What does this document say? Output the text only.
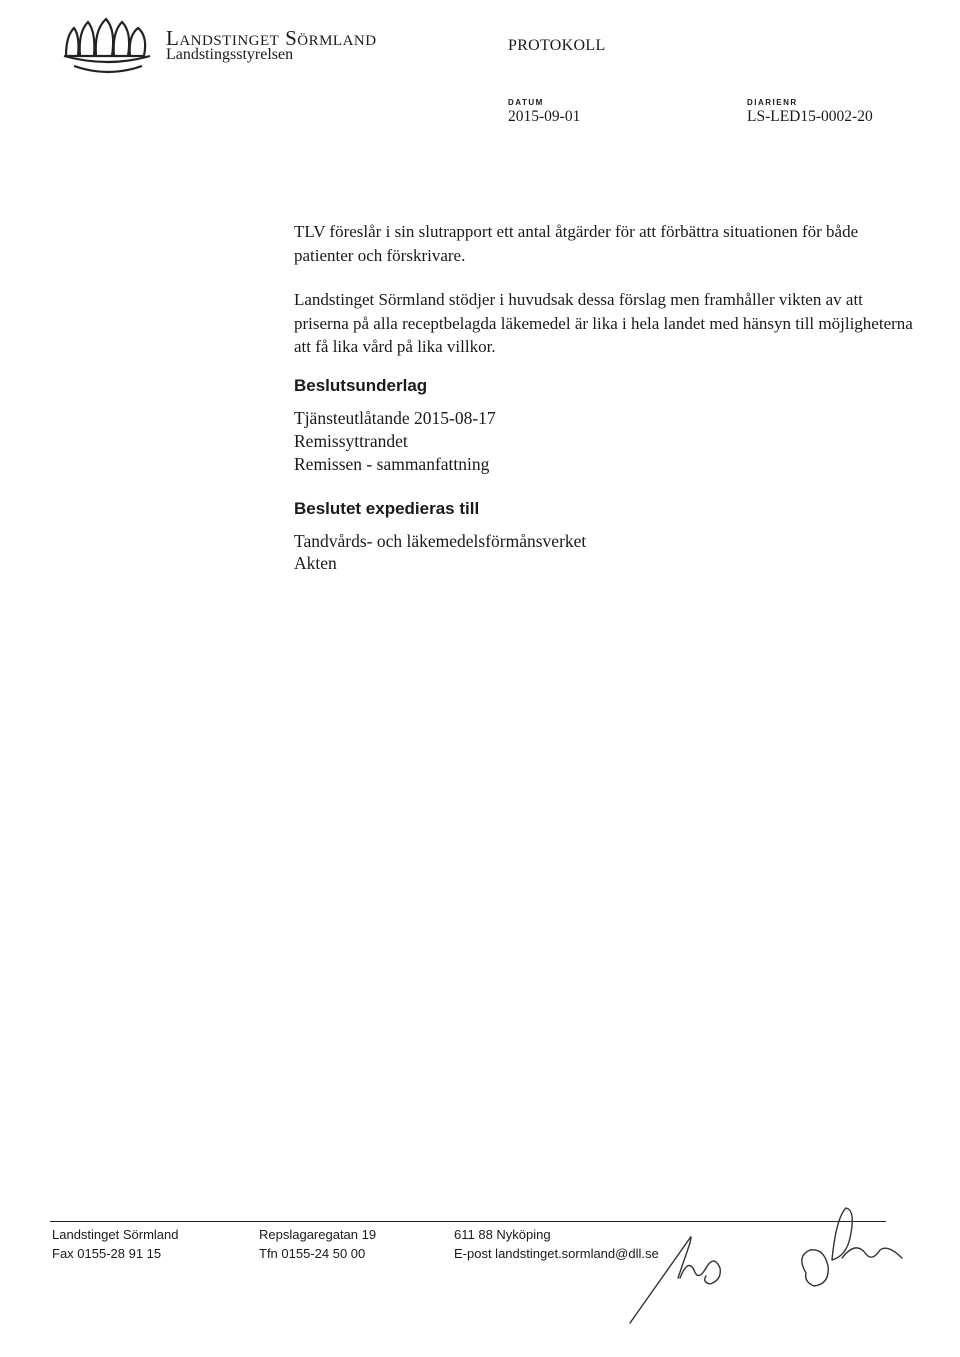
Landstinget Sörmland
Landstingsstyrelsen
PROTOKOLL
DATUM
2015-09-01
DIARIENR
LS-LED15-0002-20
TLV föreslår i sin slutrapport ett antal åtgärder för att förbättra situationen för både patienter och förskrivare.
Landstinget Sörmland stödjer i huvudsak dessa förslag men framhåller vikten av att priserna på alla receptbelagda läkemedel är lika i hela landet med hänsyn till möjligheterna att få lika vård på lika villkor.
Beslutsunderlag
Tjänsteutlåtande 2015-08-17
Remissyttrandet
Remissen - sammanfattning
Beslutet expedieras till
Tandvårds- och läkemedelsförmånsverket
Akten
Landstinget Sörmland
Fax 0155-28 91 15
Repslagaregatan 19
Tfn 0155-24 50 00
611 88 Nyköping
E-post landstinget.sormland@dll.se
